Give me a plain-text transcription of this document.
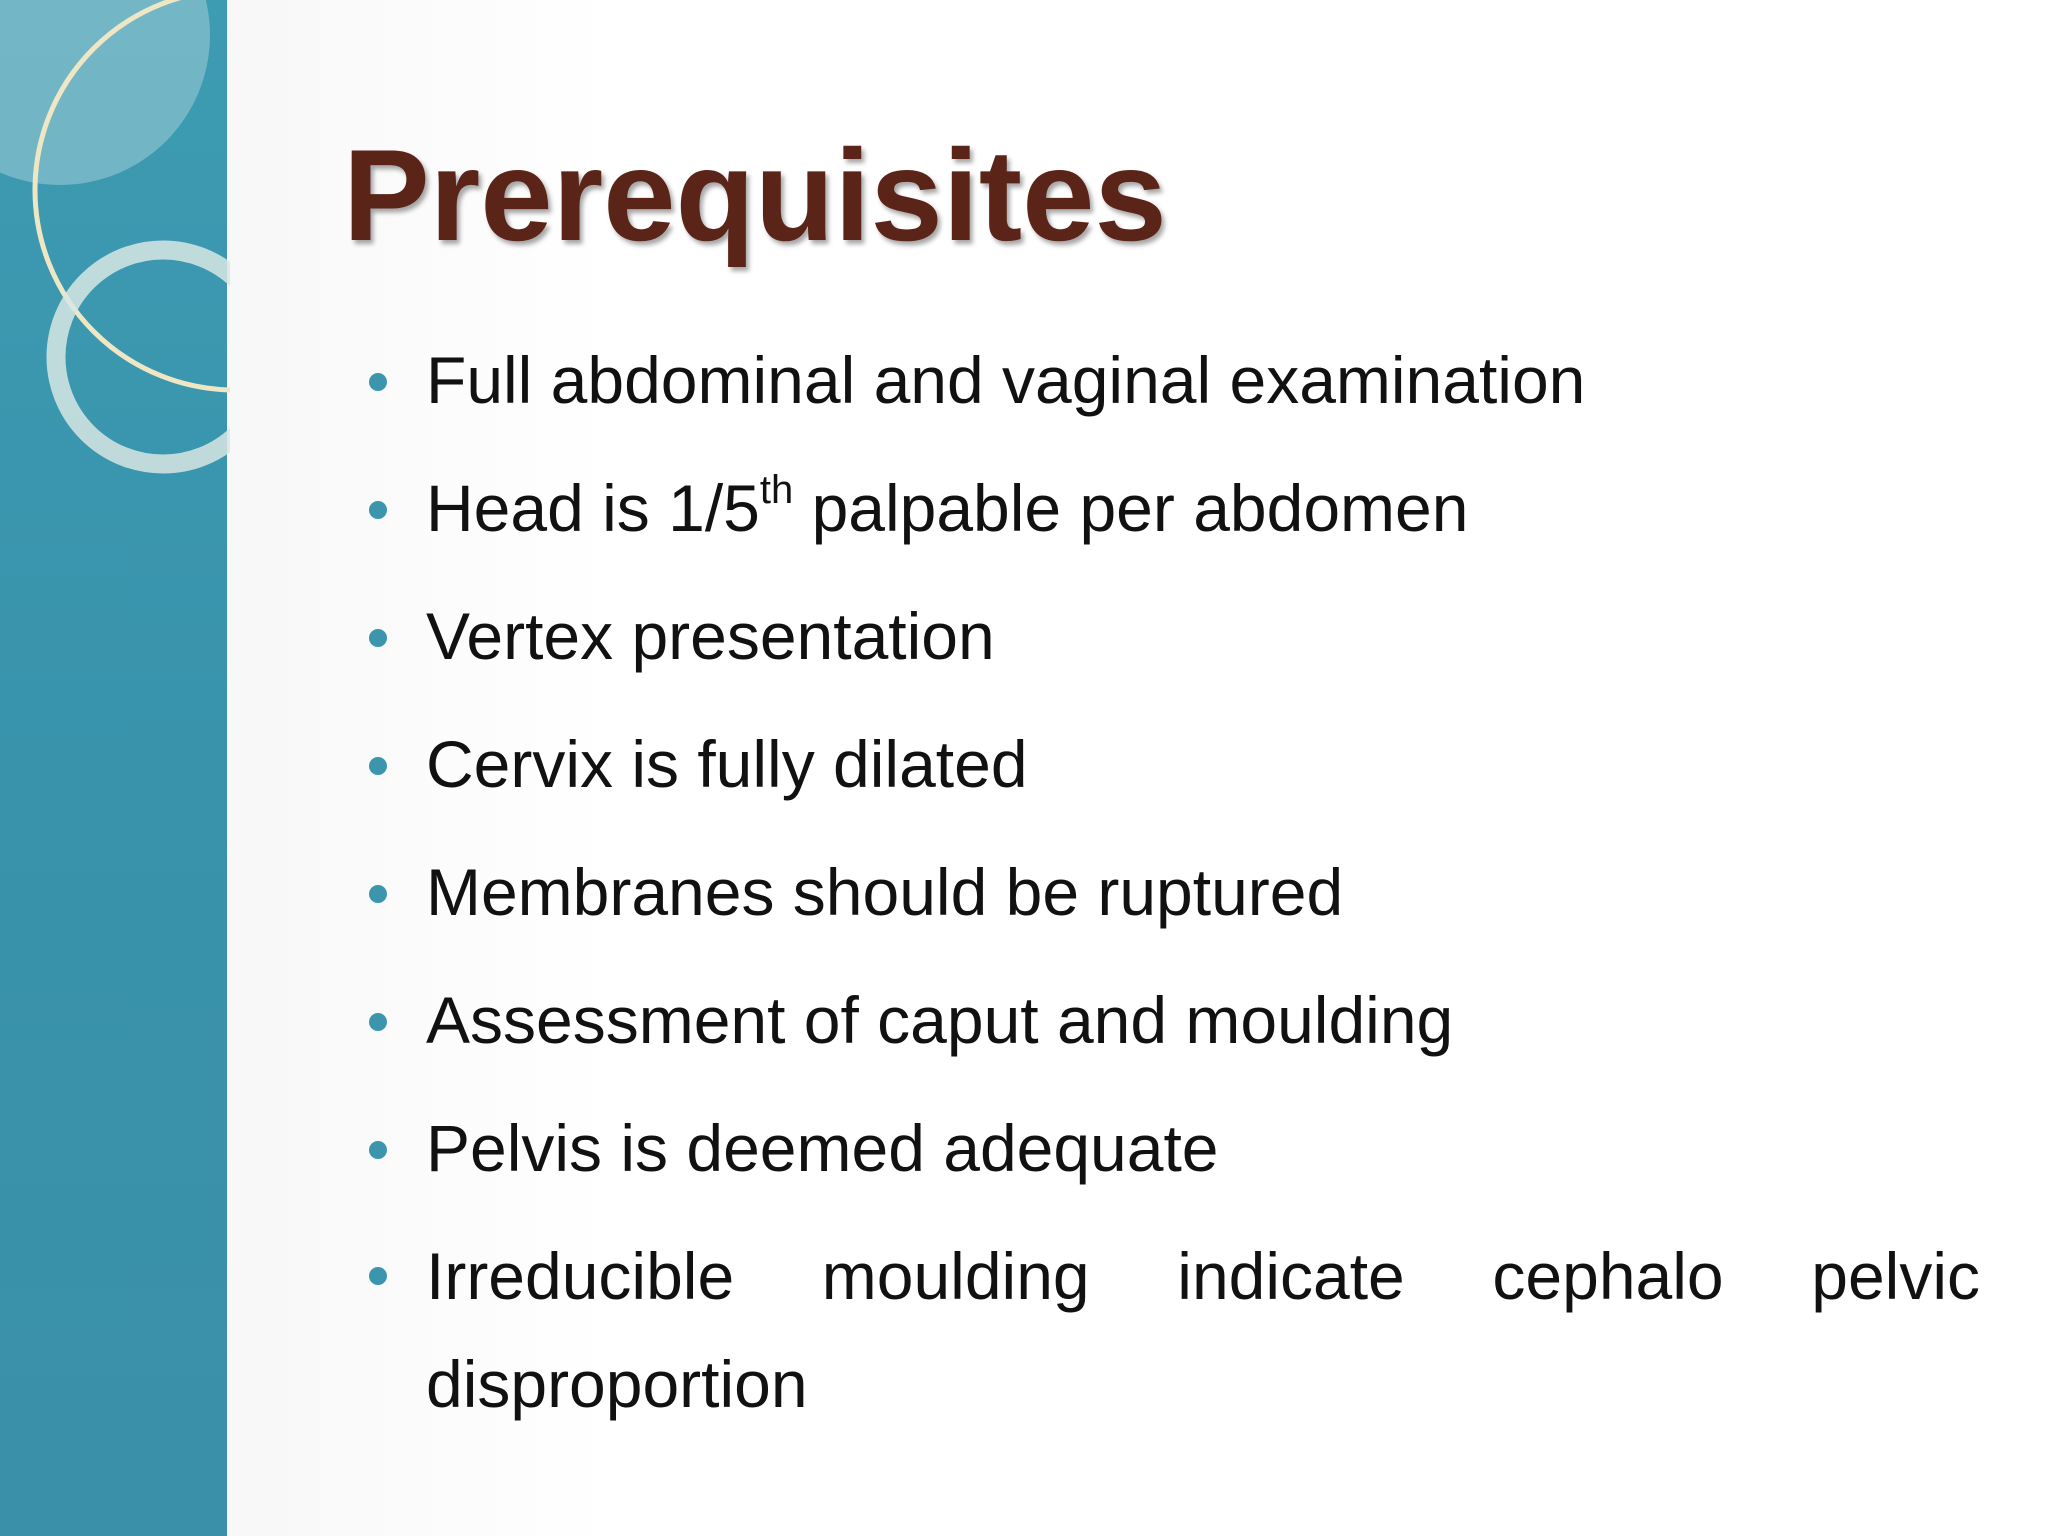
Prerequisites
Full abdominal and vaginal examination
Head is 1/5th palpable per abdomen
Vertex presentation
Cervix is fully dilated
Membranes should be ruptured
Assessment of caput and moulding
Pelvis is deemed adequate
Irreducible moulding indicate cephalo pelvic disproportion
